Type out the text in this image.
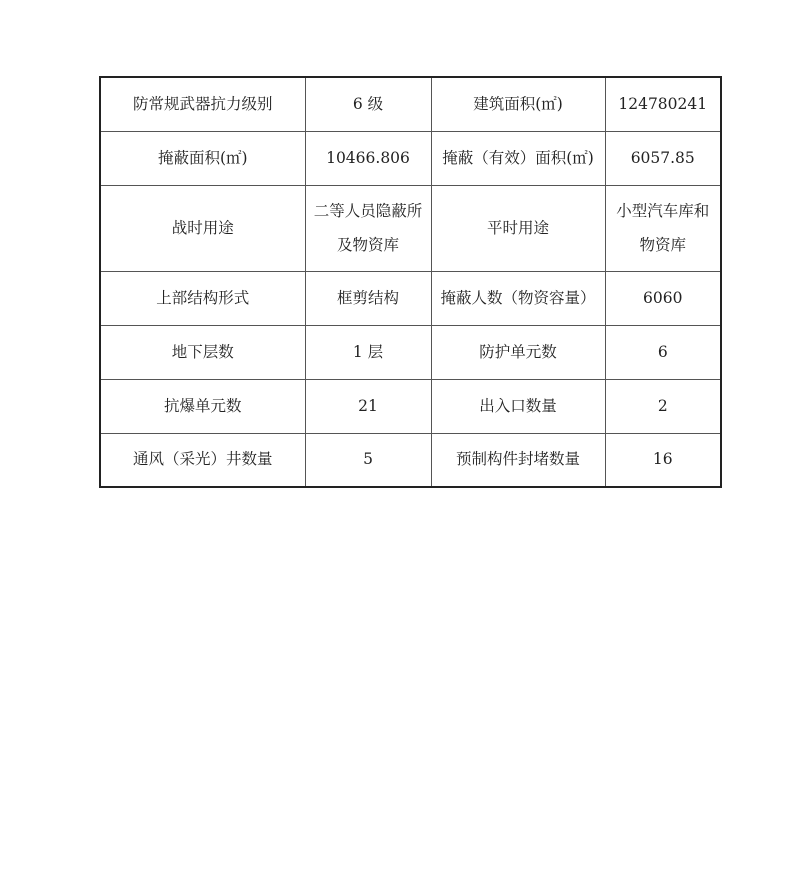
防常规武器抗力级别	6 级	建筑面积(㎡)	124780241
掩蔽面积(㎡)	10466.806	掩蔽（有效）面积(㎡)	6057.85
战时用途	二等人员隐蔽所及物资库	平时用途	小型汽车库和物资库
上部结构形式	框剪结构	掩蔽人数（物资容量）	6060
地下层数	1 层	防护单元数	6
抗爆单元数	21	出入口数量	2
通风（采光）井数量	5	预制构件封堵数量	16
